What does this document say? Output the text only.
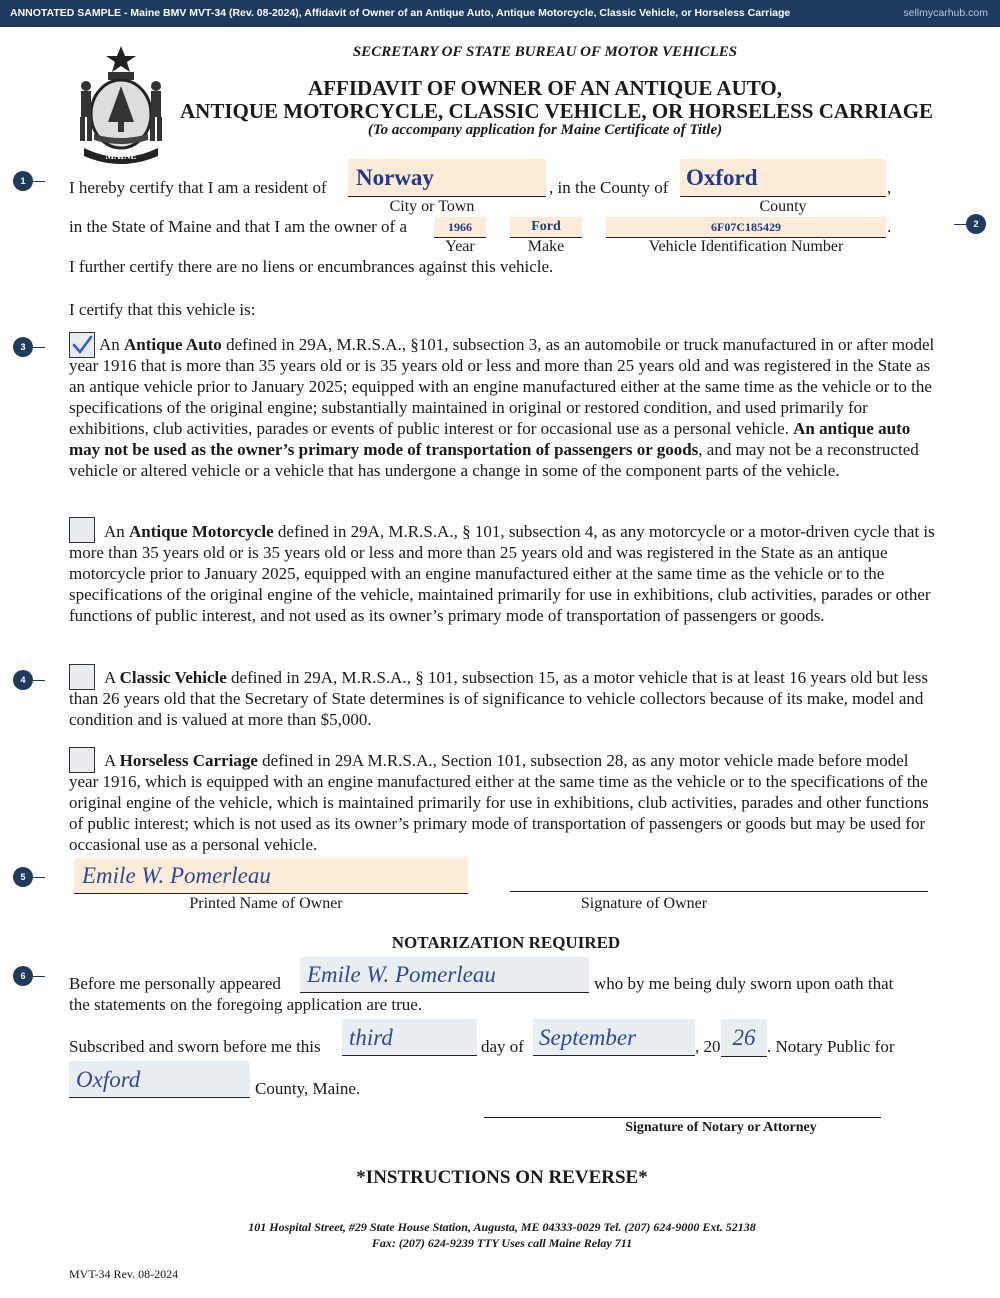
ANNOTATED SAMPLE - Maine BMV MVT-34 (Rev. 08-2024), Affidavit of Owner of an Antique Auto, Antique Motorcycle, Classic Vehicle, or Horseless Carriage	sellmycarhub.com
MAINE
SECRETARY OF STATE BUREAU OF MOTOR VEHICLES
AFFIDAVIT OF OWNER OF AN ANTIQUE AUTO,
ANTIQUE MOTORCYCLE, CLASSIC VEHICLE, OR HORSELESS CARRIAGE
(To accompany application for Maine Certificate of Title)
1
2
3
4
5
6
I hereby certify that I am a resident of	Norway	, in the County of Oxford	,
City or Town	County
in the State of Maine and that I am the owner of a	1966	Ford	6F07C185429	.
Year	Make	Vehicle Identification Number
I further certify there are no liens or encumbrances against this vehicle.
I certify that this vehicle is:
An Antique Auto defined in 29A, M.R.S.A., §101, subsection 3, as an automobile or truck manufactured in or after model year 1916 that is more than 35 years old or is 35 years old or less and more than 25 years old and was registered in the State as an antique vehicle prior to January 2025; equipped with an engine manufactured either at the same time as the vehicle or to the specifications of the original engine; substantially maintained in original or restored condition, and used primarily for exhibitions, club activities, parades or events of public interest or for occasional use as a personal vehicle. An antique auto may not be used as the owner’s primary mode of transportation of passengers or goods, and may not be a reconstructed vehicle or altered vehicle or a vehicle that has undergone a change in some of the component parts of the vehicle.
An Antique Motorcycle defined in 29A, M.R.S.A., § 101, subsection 4, as any motorcycle or a motor-driven cycle that is more than 35 years old or is 35 years old or less and more than 25 years old and was registered in the State as an antique motorcycle prior to January 2025, equipped with an engine manufactured either at the same time as the vehicle or to the specifications of the original engine of the vehicle, maintained primarily for use in exhibitions, club activities, parades or other functions of public interest, and not used as its owner’s primary mode of transportation of passengers or goods.
A Classic Vehicle defined in 29A, M.R.S.A., § 101, subsection 15, as a motor vehicle that is at least 16 years old but less than 26 years old that the Secretary of State determines is of significance to vehicle collectors because of its make, model and condition and is valued at more than $5,000.
A Horseless Carriage defined in 29A M.R.S.A., Section 101, subsection 28, as any motor vehicle made before model year 1916, which is equipped with an engine manufactured either at the same time as the vehicle or to the specifications of the original engine of the vehicle, which is maintained primarily for use in exhibitions, club activities, parades and other functions of public interest; which is not used as its owner’s primary mode of transportation of passengers or goods but may be used for occasional use as a personal vehicle.
Emile W. Pomerleau
Printed Name of Owner	Signature of Owner
NOTARIZATION REQUIRED
Before me personally appeared	Emile W. Pomerleau	who by me being duly sworn upon oath that
the statements on the foregoing application are true.
Subscribed and sworn before me this	third	day of September	, 20 26 . Notary Public for
Oxford	County, Maine.
Signature of Notary or Attorney
*INSTRUCTIONS ON REVERSE*
101 Hospital Street, #29 State House Station, Augusta, ME 04333-0029 Tel. (207) 624-9000 Ext. 52138
Fax: (207) 624-9239 TTY Uses call Maine Relay 711
MVT-34 Rev. 08-2024
